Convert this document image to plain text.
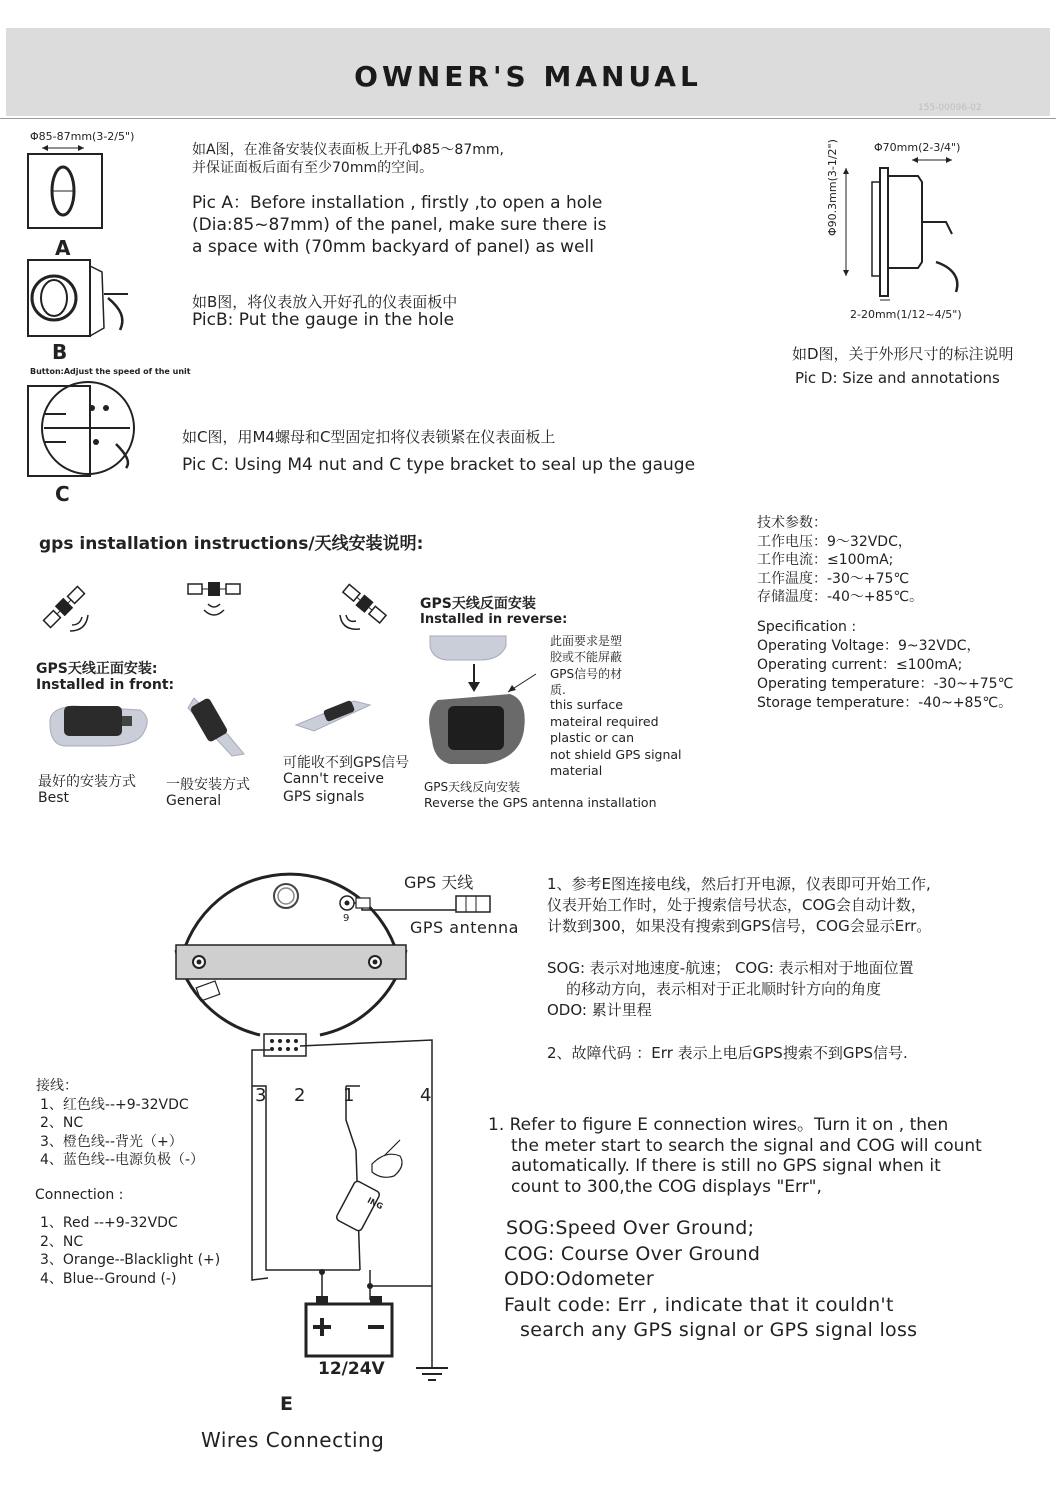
OWNER'S MANUAL
155-00096-02
Φ85-87mm(3-2/5")
A
B
Button:Adjust the speed of the unit
C
如A图，在准备安装仪表面板上开孔Φ85～87mm,
并保证面板后面有至少70mm的空间。
Pic A：Before installation , firstly ,to open a hole
(Dia:85~87mm) of the panel, make sure there is
a space with (70mm backyard of panel) as well
如B图，将仪表放入开好孔的仪表面板中
PicB: Put the gauge in the hole
如C图，用M4螺母和C型固定扣将仪表锁紧在仪表面板上
Pic C: Using M4 nut and C type bracket to seal up the gauge
Φ70mm(2-3/4")
Φ90.3mm(3-1/2")
2-20mm(1/12~4/5")
如D图，关于外形尺寸的标注说明
Pic D: Size and annotations
技术参数：
工作电压：9～32VDC，
工作电流：≤100mA;
工作温度：-30～+75℃
存储温度：-40～+85℃。
Specification :
Operating Voltage：9~32VDC，
Operating current：≤100mA;
Operating temperature：-30~+75℃
Storage temperature：-40~+85℃。
gps installation instructions/天线安装说明:
GPS天线正面安装:
Installed in front:
GPS天线反面安装
Installed in reverse:
最好的安装方式
Best
一般安装方式
General
可能收不到GPS信号
Cann't receive
GPS signals
此面要求是塑
胶或不能屏蔽
GPS信号的材
质.
this surface
mateiral required
plastic or can
not shield GPS signal
material
GPS天线反向安装
Reverse the GPS antenna installation
ING
GPS 天线
GPS antenna
9
3 2 1	4
12/24V
E
Wires Connecting
接线：
1、红色线--+9-32VDC
2、NC
3、橙色线--背光（+）
4、蓝色线--电源负极（-）
Connection :
1、Red --+9-32VDC
2、NC
3、Orange--Blacklight (+)
4、Blue--Ground (-)
1、参考E图连接电线，然后打开电源，仪表即可开始工作,
仪表开始工作时，处于搜索信号状态，COG会自动计数，
计数到300，如果没有搜索到GPS信号，COG会显示Err。
SOG: 表示对地速度-航速； COG: 表示相对于地面位置
的移动方向，表示相对于正北顺时针方向的角度
ODO: 累计里程
2、故障代码 ：Err 表示上电后GPS搜索不到GPS信号.
1. Refer to figure E connection wires。Turn it on , then
the meter start to search the signal and COG will count
automatically. If there is still no GPS signal when it
count to 300,the COG displays "Err",
SOG:Speed Over Ground;
COG: Course Over Ground
ODO:Odometer
Fault code: Err , indicate that it couldn't
search any GPS signal or GPS signal loss
